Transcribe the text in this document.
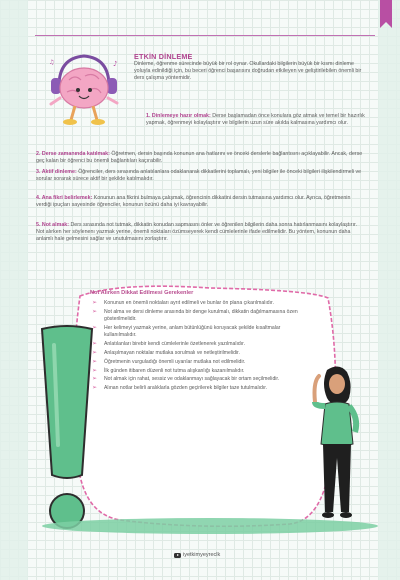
♪
♫
ETKİN DİNLEME

Dinleme, öğrenme sürecinde büyük bir rol oynar. Okullardaki bilgilerin büyük bir kısmı dinleme yoluyla edinildiği için, bu beceri öğrenci başarısını doğrudan etkileyen ve geliştirilebilen önemli bir ders çalışma yöntemidir.

1. Dinlemeye hazır olmak: Derse başlamadan önce konulara göz atmak ve temel bir hazırlık yapmak, öğrenmeyi kolaylaştırır ve bilgilerin uzun süre akılda kalmasına yardımcı olur.

2. Derse zamanında katılmak: Öğretmen, dersin başında konunun ana hatlarını ve önceki derslerle bağlantısını açıklayabilir. Ancak, derse geç kalan bir öğrenci bu önemli bağlantıları kaçırabilir.

3. Aktif dinleme: Öğrenciler, ders sırasında anlatılanlara odaklanarak dikkatlerini toplamalı, yeni bilgiler ile önceki bilgileri ilişkilendirmeli ve sorular sorarak sürece aktif bir şekilde katılmalıdır.

4. Ana fikri belirlemek: Konunun ana fikrini bulmaya çalışmak, öğrencinin dikkatini dersin tutmasına yardımcı olur. Ayrıca, öğretmenin verdiği ipuçları sayesinde öğrenciler, konunun özünü daha iyi kavrayabilir.

5. Not almak: Ders sırasında not tutmak, dikkatin konudan sapmasını önler ve öğrenilen bilgilerin daha sonra hatırlanmasını kolaylaştırır. Not alırken her söylenenı yazmak yerine, önemli noktaları özümseyerek kendi cümlelerinle ifade edilmelidir. Bu yöntem, konunun daha anlamlı hale gelmesini sağlar ve unutulmasını zorlaştırır.

Not Alırken Dikkat Edilmesi Gerekenler
➢ Konunun en önemli noktaları ayrıt edilmeli ve bunlar ön plana çıkarılmalıdır.
➢ Not alma ve dersi dinleme arasında bir denge kurulmalı, dikkatin dağılmamasına özen gösterilmelidir.
➢ Her kelimeyi yazmak yerine, anlam bütünlüğünü koruyacak şekilde kısaltmalar kullanılmalıdır.
➢ Anlatılanları birebir kendi cümlelerinle özetlenerek yazılmalıdır.
➢ Anlaşılmayan noktalar mutlaka sorulmalı ve netleştirilmelidir.
➢ Öğretmenin vurguladığı önemli uyarılar mutlaka not edilmelidir.
➢ İlk günden itibaren düzenli not tutma alışkanlığı kazanılmalıdır.
➢ Not almak için rahat, sessiz ve odaklanmayı sağlayacak bir ortam seçilmelidir.
➢ Alınan notlar belirli aralıklarla gözden geçirilerek bilgiler taze tutulmalıdır.
iyetkimyeyreclk
